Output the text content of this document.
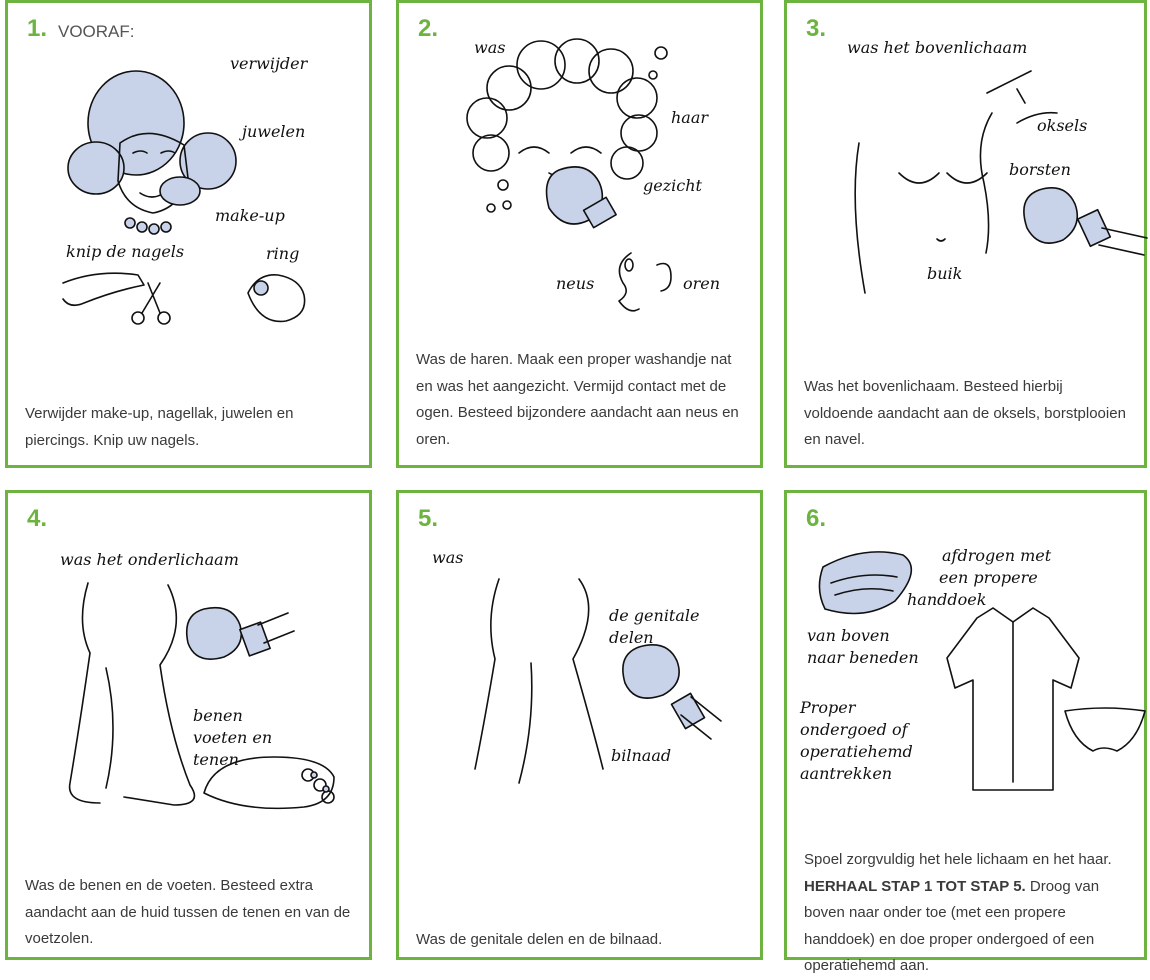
1. VOORAF:
verwijder
juwelen
make-up
knip de nagels	ring
Verwijder make-up, nagellak, juwelen en piercings. Knip uw nagels.
2.
was
haar
gezicht
neus	oren
Was de haren. Maak een proper washandje nat en was het aangezicht. Vermijd contact met de ogen. Besteed bijzondere aandacht aan neus en oren.
3.
was het bovenlichaam
oksels
borsten
buik
Was het bovenlichaam. Besteed hierbij voldoende aandacht aan de oksels, borstplooien en navel.
4.
was het onderlichaam
benen
voeten en
tenen
Was de benen en de voeten. Besteed extra aandacht aan de huid tussen de tenen en van de voetzolen.
5.
was
de genitale
delen
bilnaad
Was de genitale delen en de bilnaad.
6.
afdrogen met
een propere
handdoek
van boven
naar beneden
Proper
ondergoed of
operatiehemd
aantrekken
Spoel zorgvuldig het hele lichaam en het haar. HERHAAL STAP 1 TOT STAP 5. Droog van boven naar onder toe (met een propere handdoek) en doe proper ondergoed of een operatiehemd aan.
